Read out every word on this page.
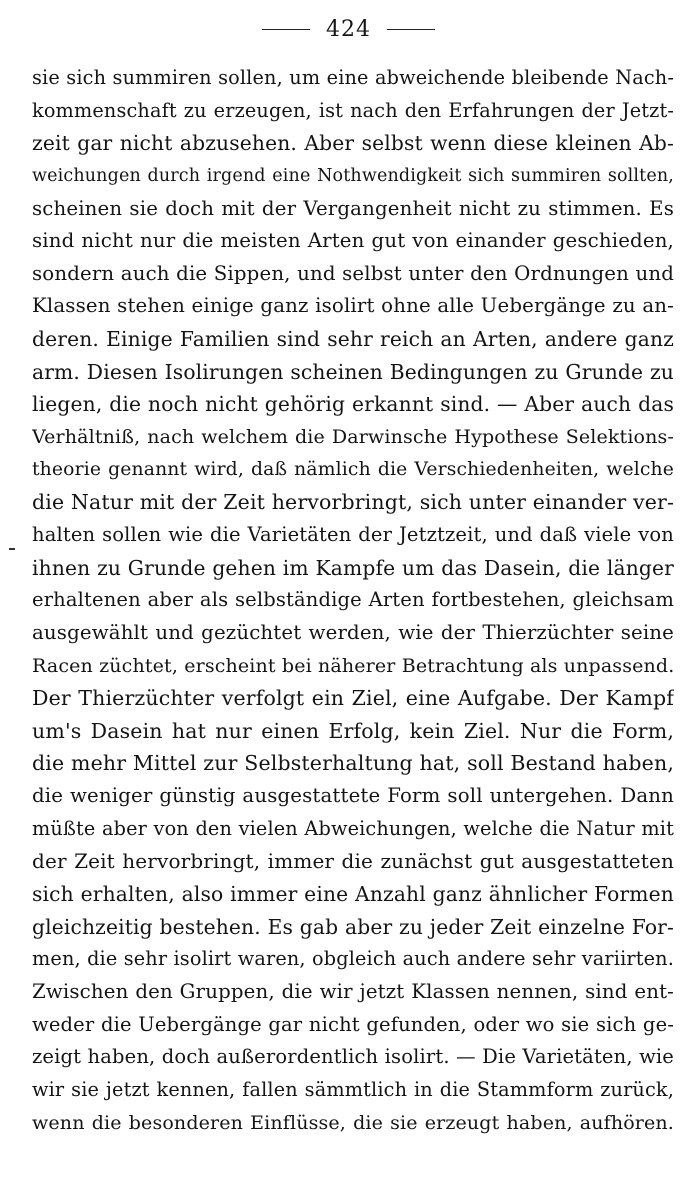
424
sie sich summiren sollen, um eine abweichende bleibende Nach-
kommenschaft zu erzeugen, ist nach den Erfahrungen der Jetzt-
zeit gar nicht abzusehen. Aber selbst wenn diese kleinen Ab-
weichungen durch irgend eine Nothwendigkeit sich summiren sollten,
scheinen sie doch mit der Vergangenheit nicht zu stimmen. Es
sind nicht nur die meisten Arten gut von einander geschieden,
sondern auch die Sippen, und selbst unter den Ordnungen und
Klassen stehen einige ganz isolirt ohne alle Uebergänge zu an-
deren. Einige Familien sind sehr reich an Arten, andere ganz
arm. Diesen Isolirungen scheinen Bedingungen zu Grunde zu
liegen, die noch nicht gehörig erkannt sind. — Aber auch das
Verhältniß, nach welchem die Darwinsche Hypothese Selektions-
theorie genannt wird, daß nämlich die Verschiedenheiten, welche
die Natur mit der Zeit hervorbringt, sich unter einander ver-
halten sollen wie die Varietäten der Jetztzeit, und daß viele von
ihnen zu Grunde gehen im Kampfe um das Dasein, die länger
erhaltenen aber als selbständige Arten fortbestehen, gleichsam
ausgewählt und gezüchtet werden, wie der Thierzüchter seine
Racen züchtet, erscheint bei näherer Betrachtung als unpassend.
Der Thierzüchter verfolgt ein Ziel, eine Aufgabe. Der Kampf
um's Dasein hat nur einen Erfolg, kein Ziel. Nur die Form,
die mehr Mittel zur Selbsterhaltung hat, soll Bestand haben,
die weniger günstig ausgestattete Form soll untergehen. Dann
müßte aber von den vielen Abweichungen, welche die Natur mit
der Zeit hervorbringt, immer die zunächst gut ausgestatteten
sich erhalten, also immer eine Anzahl ganz ähnlicher Formen
gleichzeitig bestehen. Es gab aber zu jeder Zeit einzelne For-
men, die sehr isolirt waren, obgleich auch andere sehr variirten.
Zwischen den Gruppen, die wir jetzt Klassen nennen, sind ent-
weder die Uebergänge gar nicht gefunden, oder wo sie sich ge-
zeigt haben, doch außerordentlich isolirt. — Die Varietäten, wie
wir sie jetzt kennen, fallen sämmtlich in die Stammform zurück,
wenn die besonderen Einflüsse, die sie erzeugt haben, aufhören.
